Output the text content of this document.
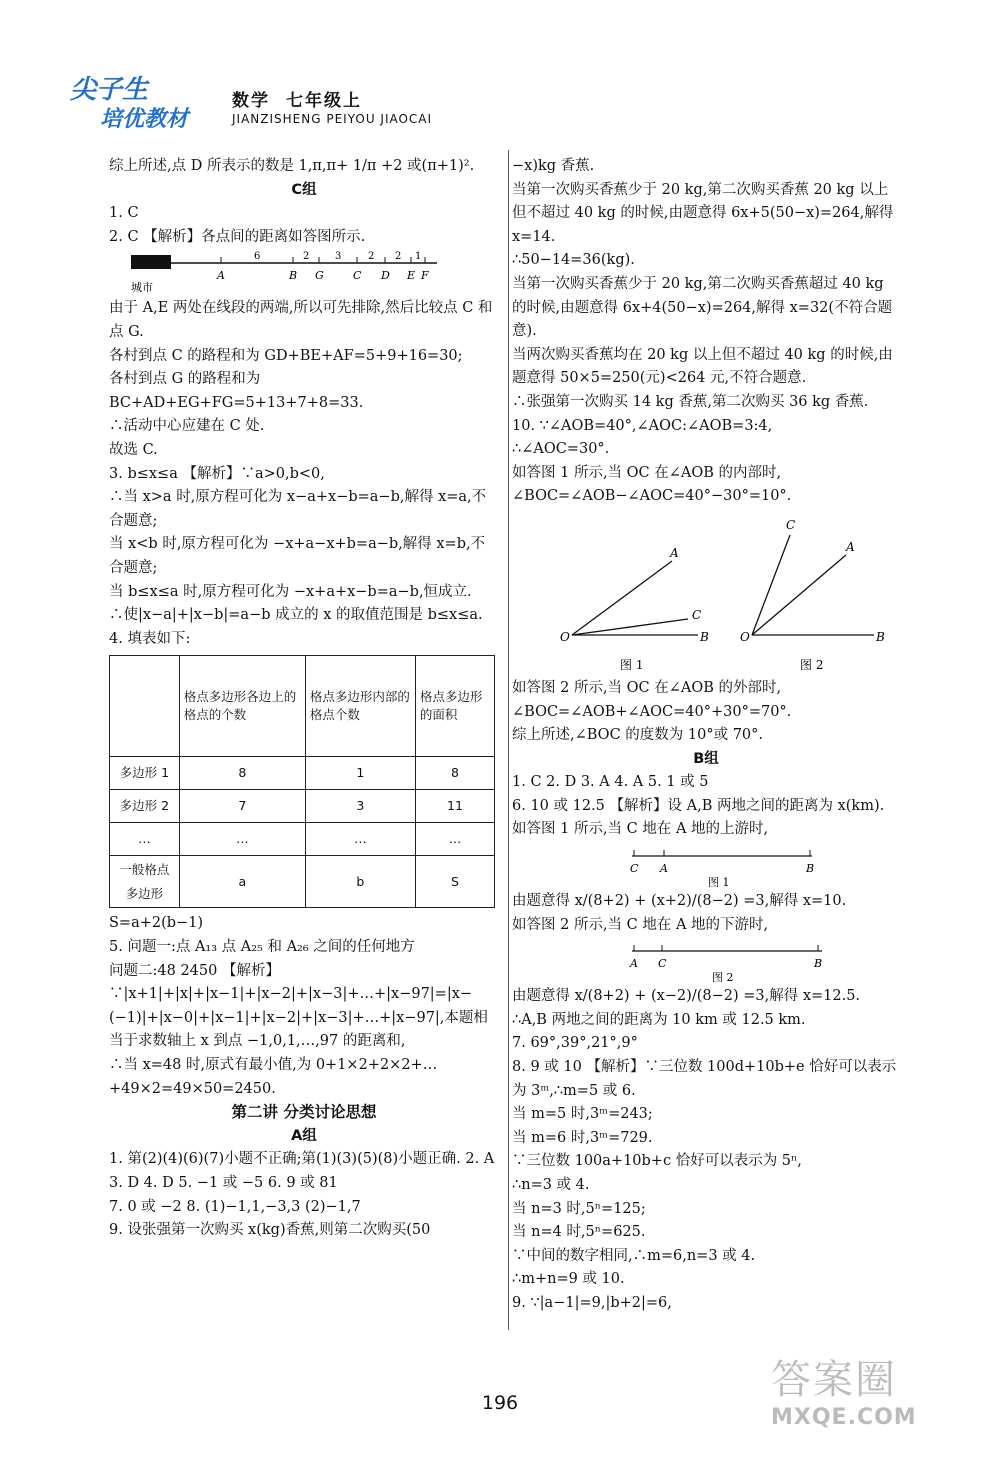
尖子生
培优教材
数学 七年级上
JIANZISHENG PEIYOU JIAOCAI

综上所述,点 D 所表示的数是 1,π,π+ 1/π +2 或(π+1)².

C组

1. C

2. C 【解析】各点间的距离如答图所示.

城市
A	B G	C D E F
6	2	3	2 2 1

由于 A,E 两处在线段的两端,所以可先排除,然后比较点 C 和点 G.

各村到点 C 的路程和为 GD+BE+AF=5+9+16=30;

各村到点 G 的路程和为 BC+AD+EG+FG=5+13+7+8=33.

∴活动中心应建在 C 处.

故选 C.

3. b≤x≤a 【解析】∵a>0,b<0,

∴当 x>a 时,原方程可化为 x−a+x−b=a−b,解得 x=a,不合题意;

当 x<b 时,原方程可化为 −x+a−x+b=a−b,解得 x=b,不合题意;

当 b≤x≤a 时,原方程可化为 −x+a+x−b=a−b,恒成立.

∴使|x−a|+|x−b|=a−b 成立的 x 的取值范围是 b≤x≤a.

4. 填表如下:

	格点多边形各边上的格点的个数	格点多边形内部的格点个数	格点多边形的面积
多边形 1	8	1	8
多边形 2	7	3	11
…	…	…	…
一般格点多边形	a	b	S

S=a+2(b−1)

5. 问题一:点 A₁₃ 点 A₂₅ 和 A₂₆ 之间的任何地方

问题二:48 2450 【解析】∵|x+1|+|x|+|x−1|+|x−2|+|x−3|+…+|x−97|=|x−(−1)|+|x−0|+|x−1|+|x−2|+|x−3|+…+|x−97|,本题相当于求数轴上 x 到点 −1,0,1,…,97 的距离和,

∴当 x=48 时,原式有最小值,为 0+1×2+2×2+…+49×2=49×50=2450.

第二讲 分类讨论思想

A组

1. 第(2)(4)(6)(7)小题不正确;第(1)(3)(5)(8)小题正确. 2. A 3. D 4. D 5. −1 或 −5 6. 9 或 81

7. 0 或 −2 8. (1)−1,1,−3,3 (2)−1,7

9. 设张强第一次购买 x(kg)香蕉,则第二次购买(50

−x)kg 香蕉.

当第一次购买香蕉少于 20 kg,第二次购买香蕉 20 kg 以上但不超过 40 kg 的时候,由题意得 6x+5(50−x)=264,解得 x=14.

∴50−14=36(kg).

当第一次购买香蕉少于 20 kg,第二次购买香蕉超过 40 kg 的时候,由题意得 6x+4(50−x)=264,解得 x=32(不符合题意).

当两次购买香蕉均在 20 kg 以上但不超过 40 kg 的时候,由题意得 50×5=250(元)<264 元,不符合题意.

∴张强第一次购买 14 kg 香蕉,第二次购买 36 kg 香蕉.

10. ∵∠AOB=40°,∠AOC:∠AOB=3:4,

∴∠AOC=30°.

如答图 1 所示,当 OC 在∠AOB 的内部时,

∠BOC=∠AOB−∠AOC=40°−30°=10°.

O
A
C
B
图 1
O
C
A
B
图 2

如答图 2 所示,当 OC 在∠AOB 的外部时,

∠BOC=∠AOB+∠AOC=40°+30°=70°.

综上所述,∠BOC 的度数为 10°或 70°.

B组

1. C 2. D 3. A 4. A 5. 1 或 5

6. 10 或 12.5 【解析】设 A,B 两地之间的距离为 x(km).

如答图 1 所示,当 C 地在 A 地的上游时,

C A	B
图 1

由题意得 x/(8+2) + (x+2)/(8−2) =3,解得 x=10.

如答图 2 所示,当 C 地在 A 地的下游时,

A C	B
图 2

由题意得 x/(8+2) + (x−2)/(8−2) =3,解得 x=12.5.

∴A,B 两地之间的距离为 10 km 或 12.5 km.

7. 69°,39°,21°,9°

8. 9 或 10 【解析】∵三位数 100d+10b+e 恰好可以表示为 3ᵐ,∴m=5 或 6.

当 m=5 时,3ᵐ=243;

当 m=6 时,3ᵐ=729.

∵三位数 100a+10b+c 恰好可以表示为 5ⁿ,

∴n=3 或 4.

当 n=3 时,5ⁿ=125;

当 n=4 时,5ⁿ=625.

∵中间的数字相同,∴m=6,n=3 或 4.

∴m+n=9 或 10.

9. ∵|a−1|=9,|b+2|=6,

196	答案圈
MXQE.COM
